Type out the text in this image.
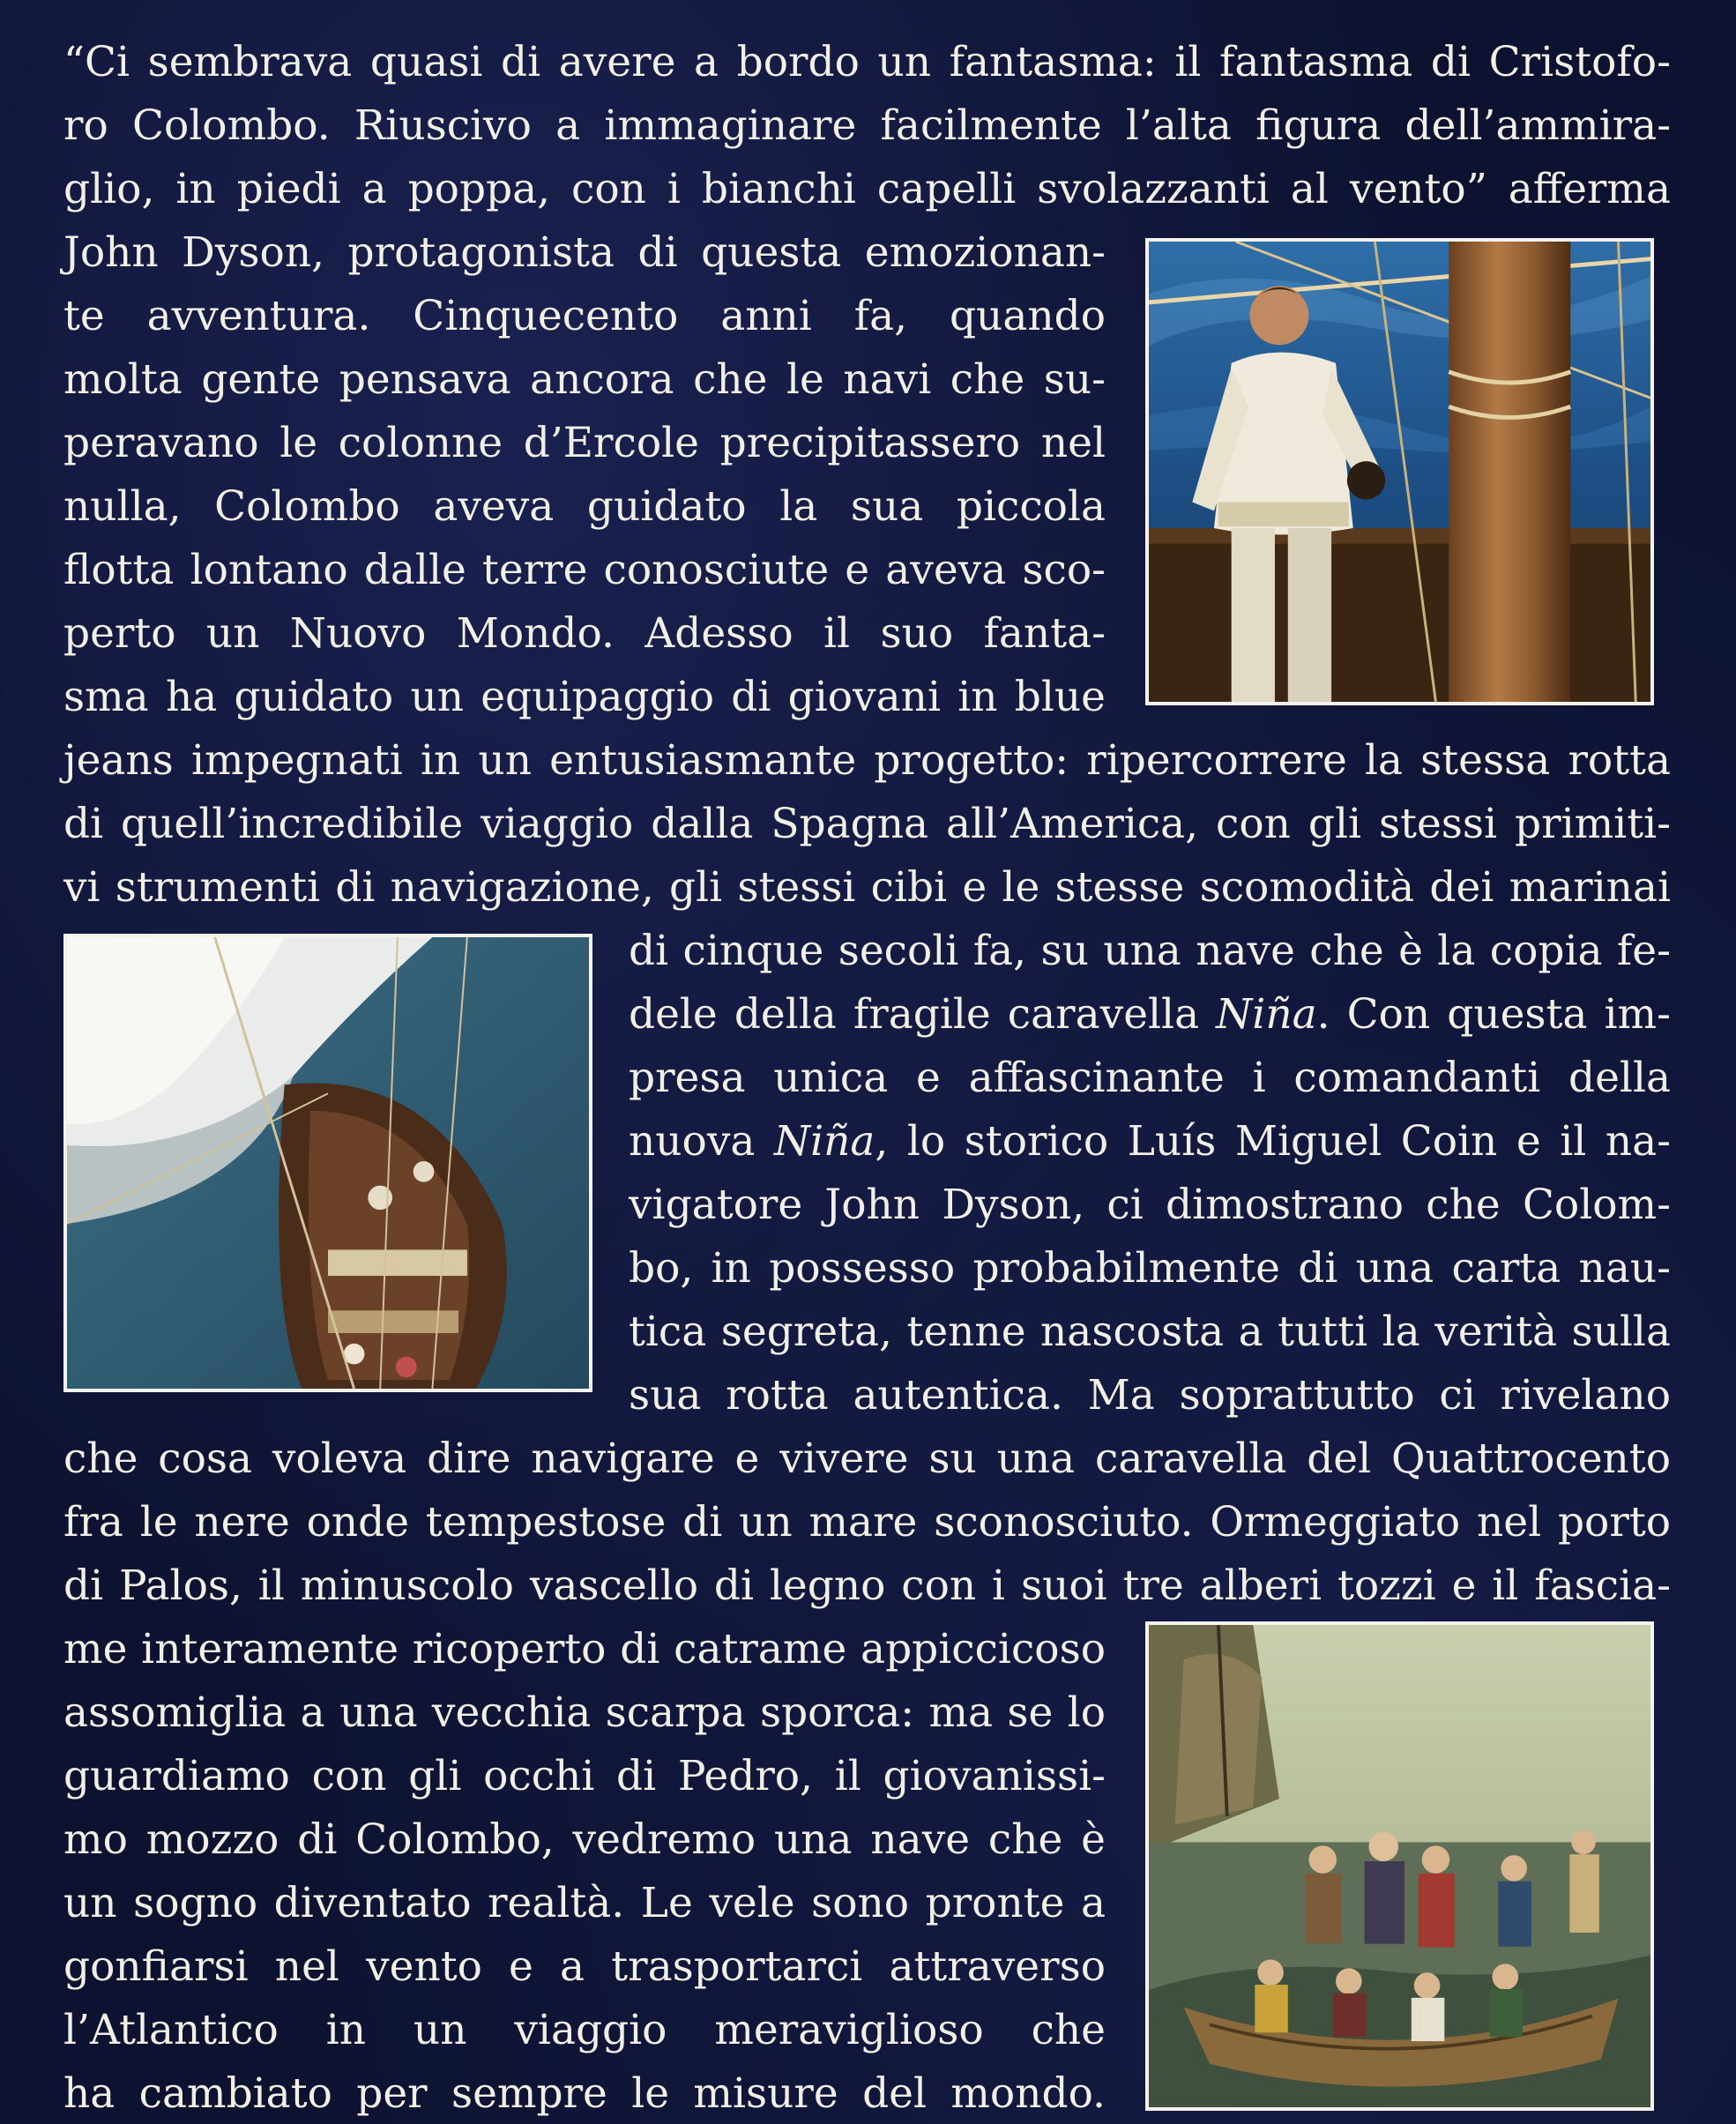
“Ci sembrava quasi di avere a bordo un fantasma: il fantasma di Cristofo-

ro Colombo. Riuscivo a immaginare facilmente l’alta figura dell’ammira-

glio, in piedi a poppa, con i bianchi capelli svolazzanti al vento” afferma

John Dyson, protagonista di questa emozionan-

te avventura. Cinquecento anni fa, quando

molta gente pensava ancora che le navi che su-

peravano le colonne d’Ercole precipitassero nel

nulla, Colombo aveva guidato la sua piccola

flotta lontano dalle terre conosciute e aveva sco-

perto un Nuovo Mondo. Adesso il suo fanta-

sma ha guidato un equipaggio di giovani in blue

jeans impegnati in un entusiasmante progetto: ripercorrere la stessa rotta

di quell’incredibile viaggio dalla Spagna all’America, con gli stessi primiti-

vi strumenti di navigazione, gli stessi cibi e le stesse scomodità dei marinai

di cinque secoli fa, su una nave che è la copia fe-

dele della fragile caravella Niña. Con questa im-

presa unica e affascinante i comandanti della

nuova Niña, lo storico Luís Miguel Coin e il na-

vigatore John Dyson, ci dimostrano che Colom-

bo, in possesso probabilmente di una carta nau-

tica segreta, tenne nascosta a tutti la verità sulla

sua rotta autentica. Ma soprattutto ci rivelano

che cosa voleva dire navigare e vivere su una caravella del Quattrocento

fra le nere onde tempestose di un mare sconosciuto. Ormeggiato nel porto

di Palos, il minuscolo vascello di legno con i suoi tre alberi tozzi e il fascia-

me interamente ricoperto di catrame appiccicoso

assomiglia a una vecchia scarpa sporca: ma se lo

guardiamo con gli occhi di Pedro, il giovanissi-

mo mozzo di Colombo, vedremo una nave che è

un sogno diventato realtà. Le vele sono pronte a

gonfiarsi nel vento e a trasportarci attraverso

l’Atlantico in un viaggio meraviglioso che

ha cambiato per sempre le misure del mondo.
